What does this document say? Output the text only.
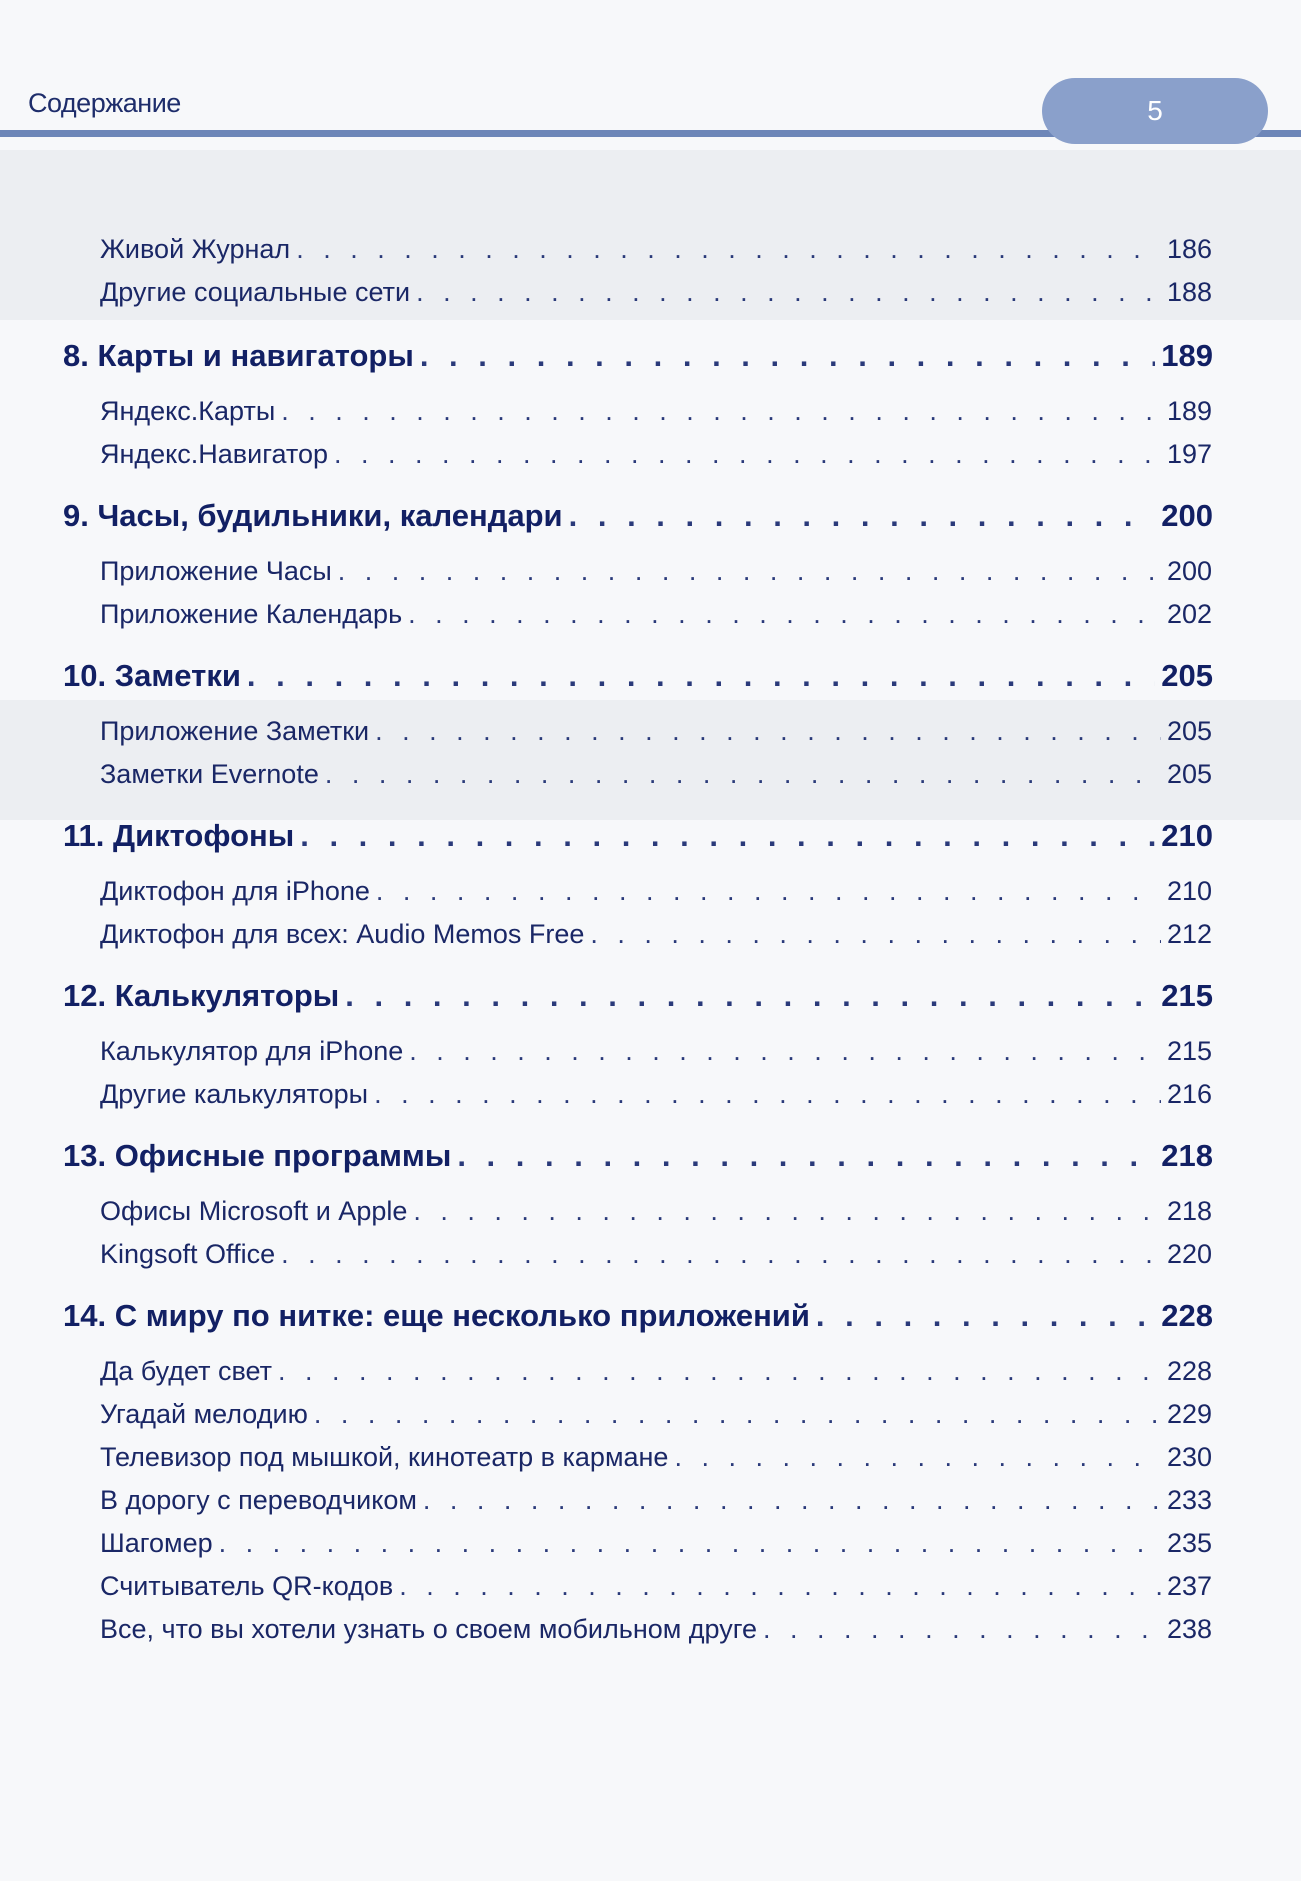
Содержание	5
Живой Журнал . . .	186
Другие социальные сети . . .	188
8. Карты и навигаторы . . .	189
Яндекс.Карты . . .	189
Яндекс.Навигатор . . .	197
9. Часы, будильники, календари . . .	200
Приложение Часы . . .	200
Приложение Календарь . . .	202
10. Заметки . . .	205
Приложение Заметки . . .	205
Заметки Evernote . . .	205
11. Диктофоны . . .	210
Диктофон для iPhone . . .	210
Диктофон для всех: Audio Memos Free . . .	212
12. Калькуляторы . . .	215
Калькулятор для iPhone . . .	215
Другие калькуляторы . . .	216
13. Офисные программы . . .	218
Офисы Microsoft и Apple . . .	218
Kingsoft Office . . .	220
14. С миру по нитке: еще несколько приложений . . .	228
Да будет свет . . .	228
Угадай мелодию . . .	229
Телевизор под мышкой, кинотеатр в кармане . . .	230
В дорогу с переводчиком . . .	233
Шагомер . . .	235
Считыватель QR-кодов . . .	237
Все, что вы хотели узнать о своем мобильном друге . . .	238
